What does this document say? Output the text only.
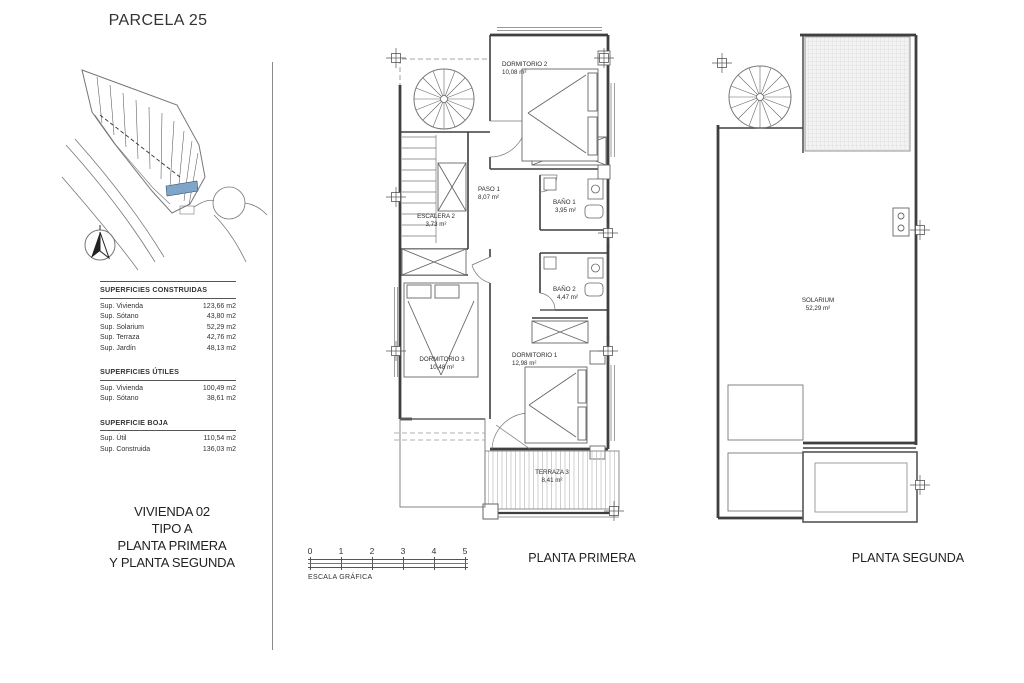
PARCELA 25
SUPERFICIES CONSTRUIDAS
Sup. Vivienda	123,66 m2
Sup. Sótano	43,80 m2
Sup. Solarium	52,29 m2
Sup. Terraza	42,76 m2
Sup. Jardín	48,13 m2
SUPERFICIES ÚTILES
Sup. Vivienda	100,49 m2
Sup. Sótano	38,61 m2
SUPERFICIE BOJA
Sup. Útil	110,54 m2
Sup. Construida	136,03 m2
VIVIENDA 02
TIPO A
PLANTA PRIMERA
Y PLANTA SEGUNDA
DORMITORIO 2
10,08 m²
PASO 1
8,07 m²
BAÑO 1
3,95 m²
ESCALERA 2
3,73 m²
BAÑO 2
4,47 m²
DORMITORIO 3
10,48 m²
DORMITORIO 1
12,98 m²
TERRAZA 3
8,41 m²
SOLARIUM
52,29 m²
PLANTA PRIMERA	PLANTA SEGUNDA
0	1	2	3	4	5
ESCALA GRÁFICA
